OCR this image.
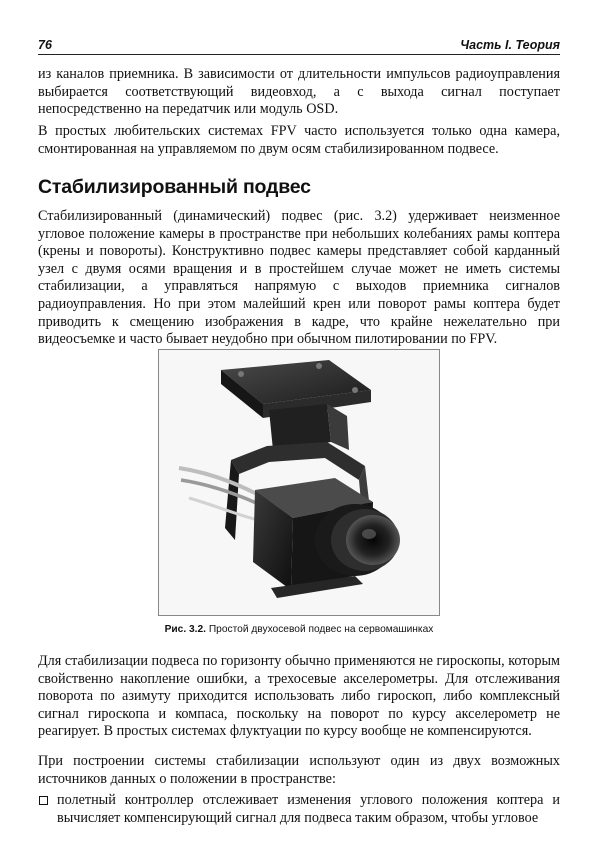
76	Часть I. Теория

из каналов приемника. В зависимости от длительности импульсов радиоуправления выбирается соответствующий видеовход, а с выхода сигнал поступает непосредственно на передатчик или модуль OSD.

В простых любительских системах FPV часто используется только одна камера, смонтированная на управляемом по двум осям стабилизированном подвесе.

Стабилизированный подвес

Стабилизированный (динамический) подвес (рис. 3.2) удерживает неизменное угловое положение камеры в пространстве при небольших колебаниях рамы коптера (крены и повороты). Конструктивно подвес камеры представляет собой карданный узел с двумя осями вращения и в простейшем случае может не иметь системы стабилизации, а управляться напрямую с выходов приемника сигналов радиоуправления. Но при этом малейший крен или поворот рамы коптера будет приводить к смещению изображения в кадре, что крайне нежелательно при видеосъемке и часто бывает неудобно при обычном пилотировании по FPV.

Рис. 3.2. Простой двухосевой подвес на сервомашинках

Для стабилизации подвеса по горизонту обычно применяются не гироскопы, которым свойственно накопление ошибки, а трехосевые акселерометры. Для отслеживания поворота по азимуту приходится использовать либо гироскоп, либо комплексный сигнал гироскопа и компаса, поскольку на поворот по курсу акселерометр не реагирует. В простых системах флуктуации по курсу вообще не компенсируются.

При построении системы стабилизации используют один из двух возможных источников данных о положении в пространстве:

полетный контроллер отслеживает изменения углового положения коптера и вычисляет компенсирующий сигнал для подвеса таким образом, чтобы угловое
